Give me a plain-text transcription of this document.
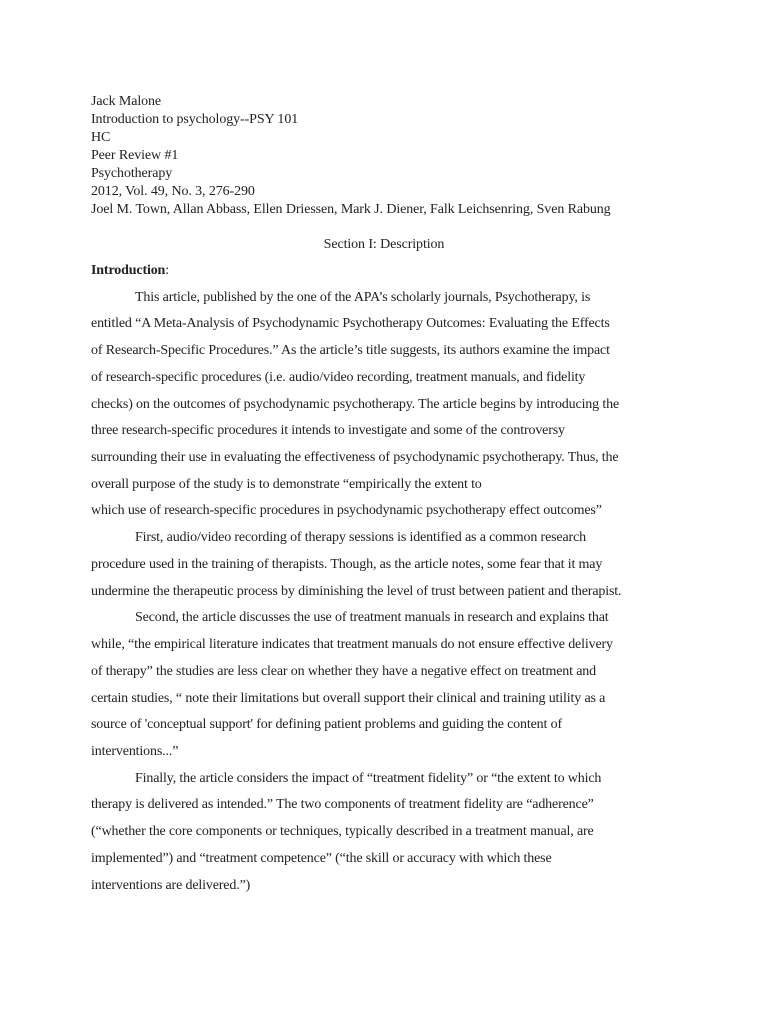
Jack Malone
Introduction to psychology--PSY 101
HC
Peer Review #1
Psychotherapy
2012, Vol. 49, No. 3, 276-290
Joel M. Town, Allan Abbass, Ellen Driessen, Mark J. Diener, Falk Leichsenring, Sven Rabung
Section I: Description
Introduction:
This article, published by the one of the APA’s scholarly journals, Psychotherapy, is
entitled “A Meta-Analysis of Psychodynamic Psychotherapy Outcomes: Evaluating the Effects
of Research-Specific Procedures.” As the article’s title suggests, its authors examine the impact
of research-specific procedures (i.e. audio/video recording, treatment manuals, and fidelity
checks) on the outcomes of psychodynamic psychotherapy. The article begins by introducing the
three research-specific procedures it intends to investigate and some of the controversy
surrounding their use in evaluating the effectiveness of psychodynamic psychotherapy. Thus, the
overall purpose of the study is to demonstrate “empirically the extent to
which use of research-specific procedures in psychodynamic psychotherapy effect outcomes”
First, audio/video recording of therapy sessions is identified as a common research
procedure used in the training of therapists. Though, as the article notes, some fear that it may
undermine the therapeutic process by diminishing the level of trust between patient and therapist.
Second, the article discusses the use of treatment manuals in research and explains that
while, “the empirical literature indicates that treatment manuals do not ensure effective delivery
of therapy” the studies are less clear on whether they have a negative effect on treatment and
certain studies, “ note their limitations but overall support their clinical and training utility as a
source of 'conceptual support' for defining patient problems and guiding the content of
interventions...”
Finally, the article considers the impact of “treatment fidelity” or “the extent to which
therapy is delivered as intended.” The two components of treatment fidelity are “adherence”
(“whether the core components or techniques, typically described in a treatment manual, are
implemented”) and “treatment competence” (“the skill or accuracy with which these
interventions are delivered.”)
